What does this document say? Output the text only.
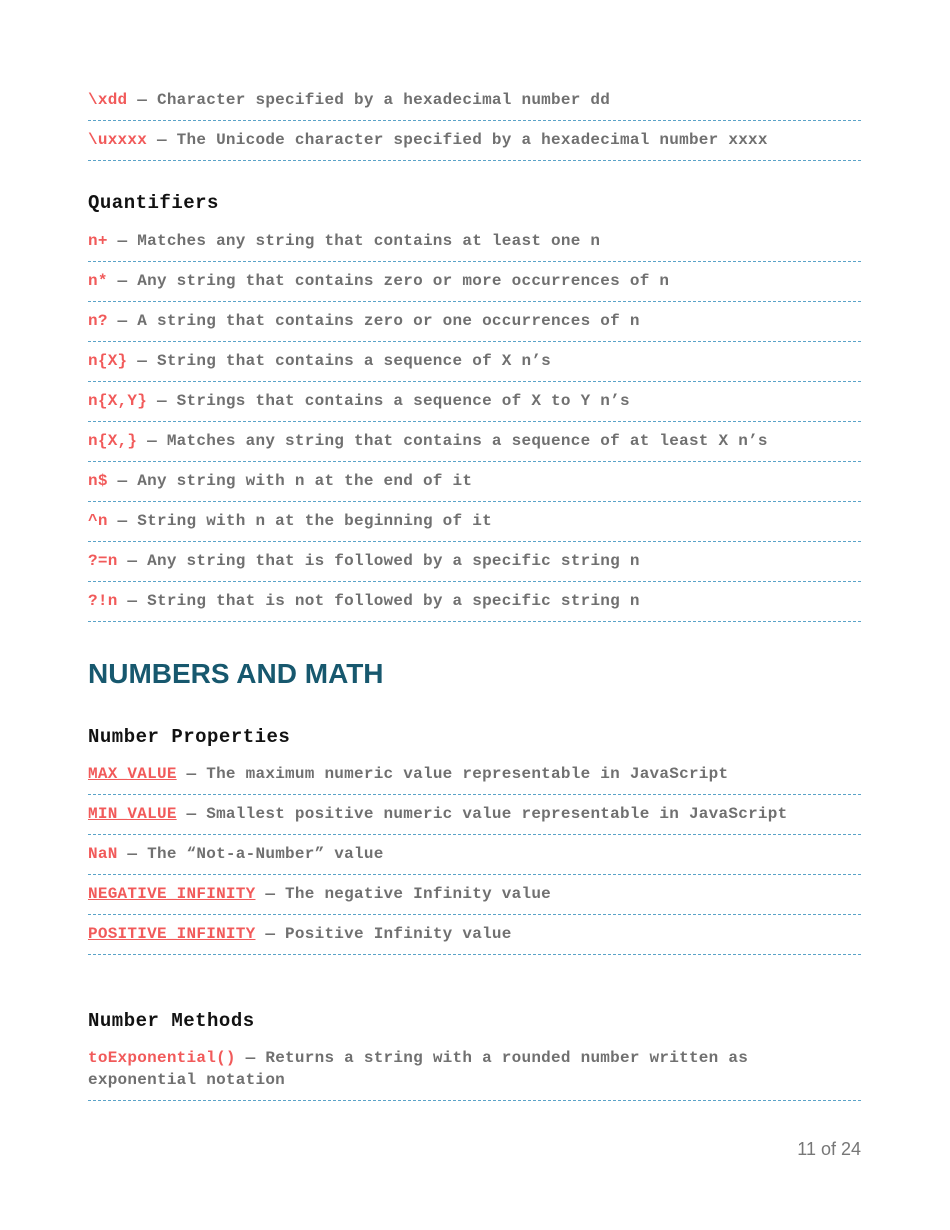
\xdd — Character specified by a hexadecimal number dd
\uxxxx — The Unicode character specified by a hexadecimal number xxxx
Quantifiers
n+ — Matches any string that contains at least one n
n* — Any string that contains zero or more occurrences of n
n? — A string that contains zero or one occurrences of n
n{X} — String that contains a sequence of X n’s
n{X,Y} — Strings that contains a sequence of X to Y n’s
n{X,} — Matches any string that contains a sequence of at least X n’s
n$ — Any string with n at the end of it
^n — String with n at the beginning of it
?=n — Any string that is followed by a specific string n
?!n — String that is not followed by a specific string n
NUMBERS AND MATH
Number Properties
MAX_VALUE — The maximum numeric value representable in JavaScript
MIN_VALUE — Smallest positive numeric value representable in JavaScript
NaN — The “Not-a-Number” value
NEGATIVE_INFINITY — The negative Infinity value
POSITIVE_INFINITY — Positive Infinity value
Number Methods
toExponential() — Returns a string with a rounded number written as exponential notation
11 of 24
